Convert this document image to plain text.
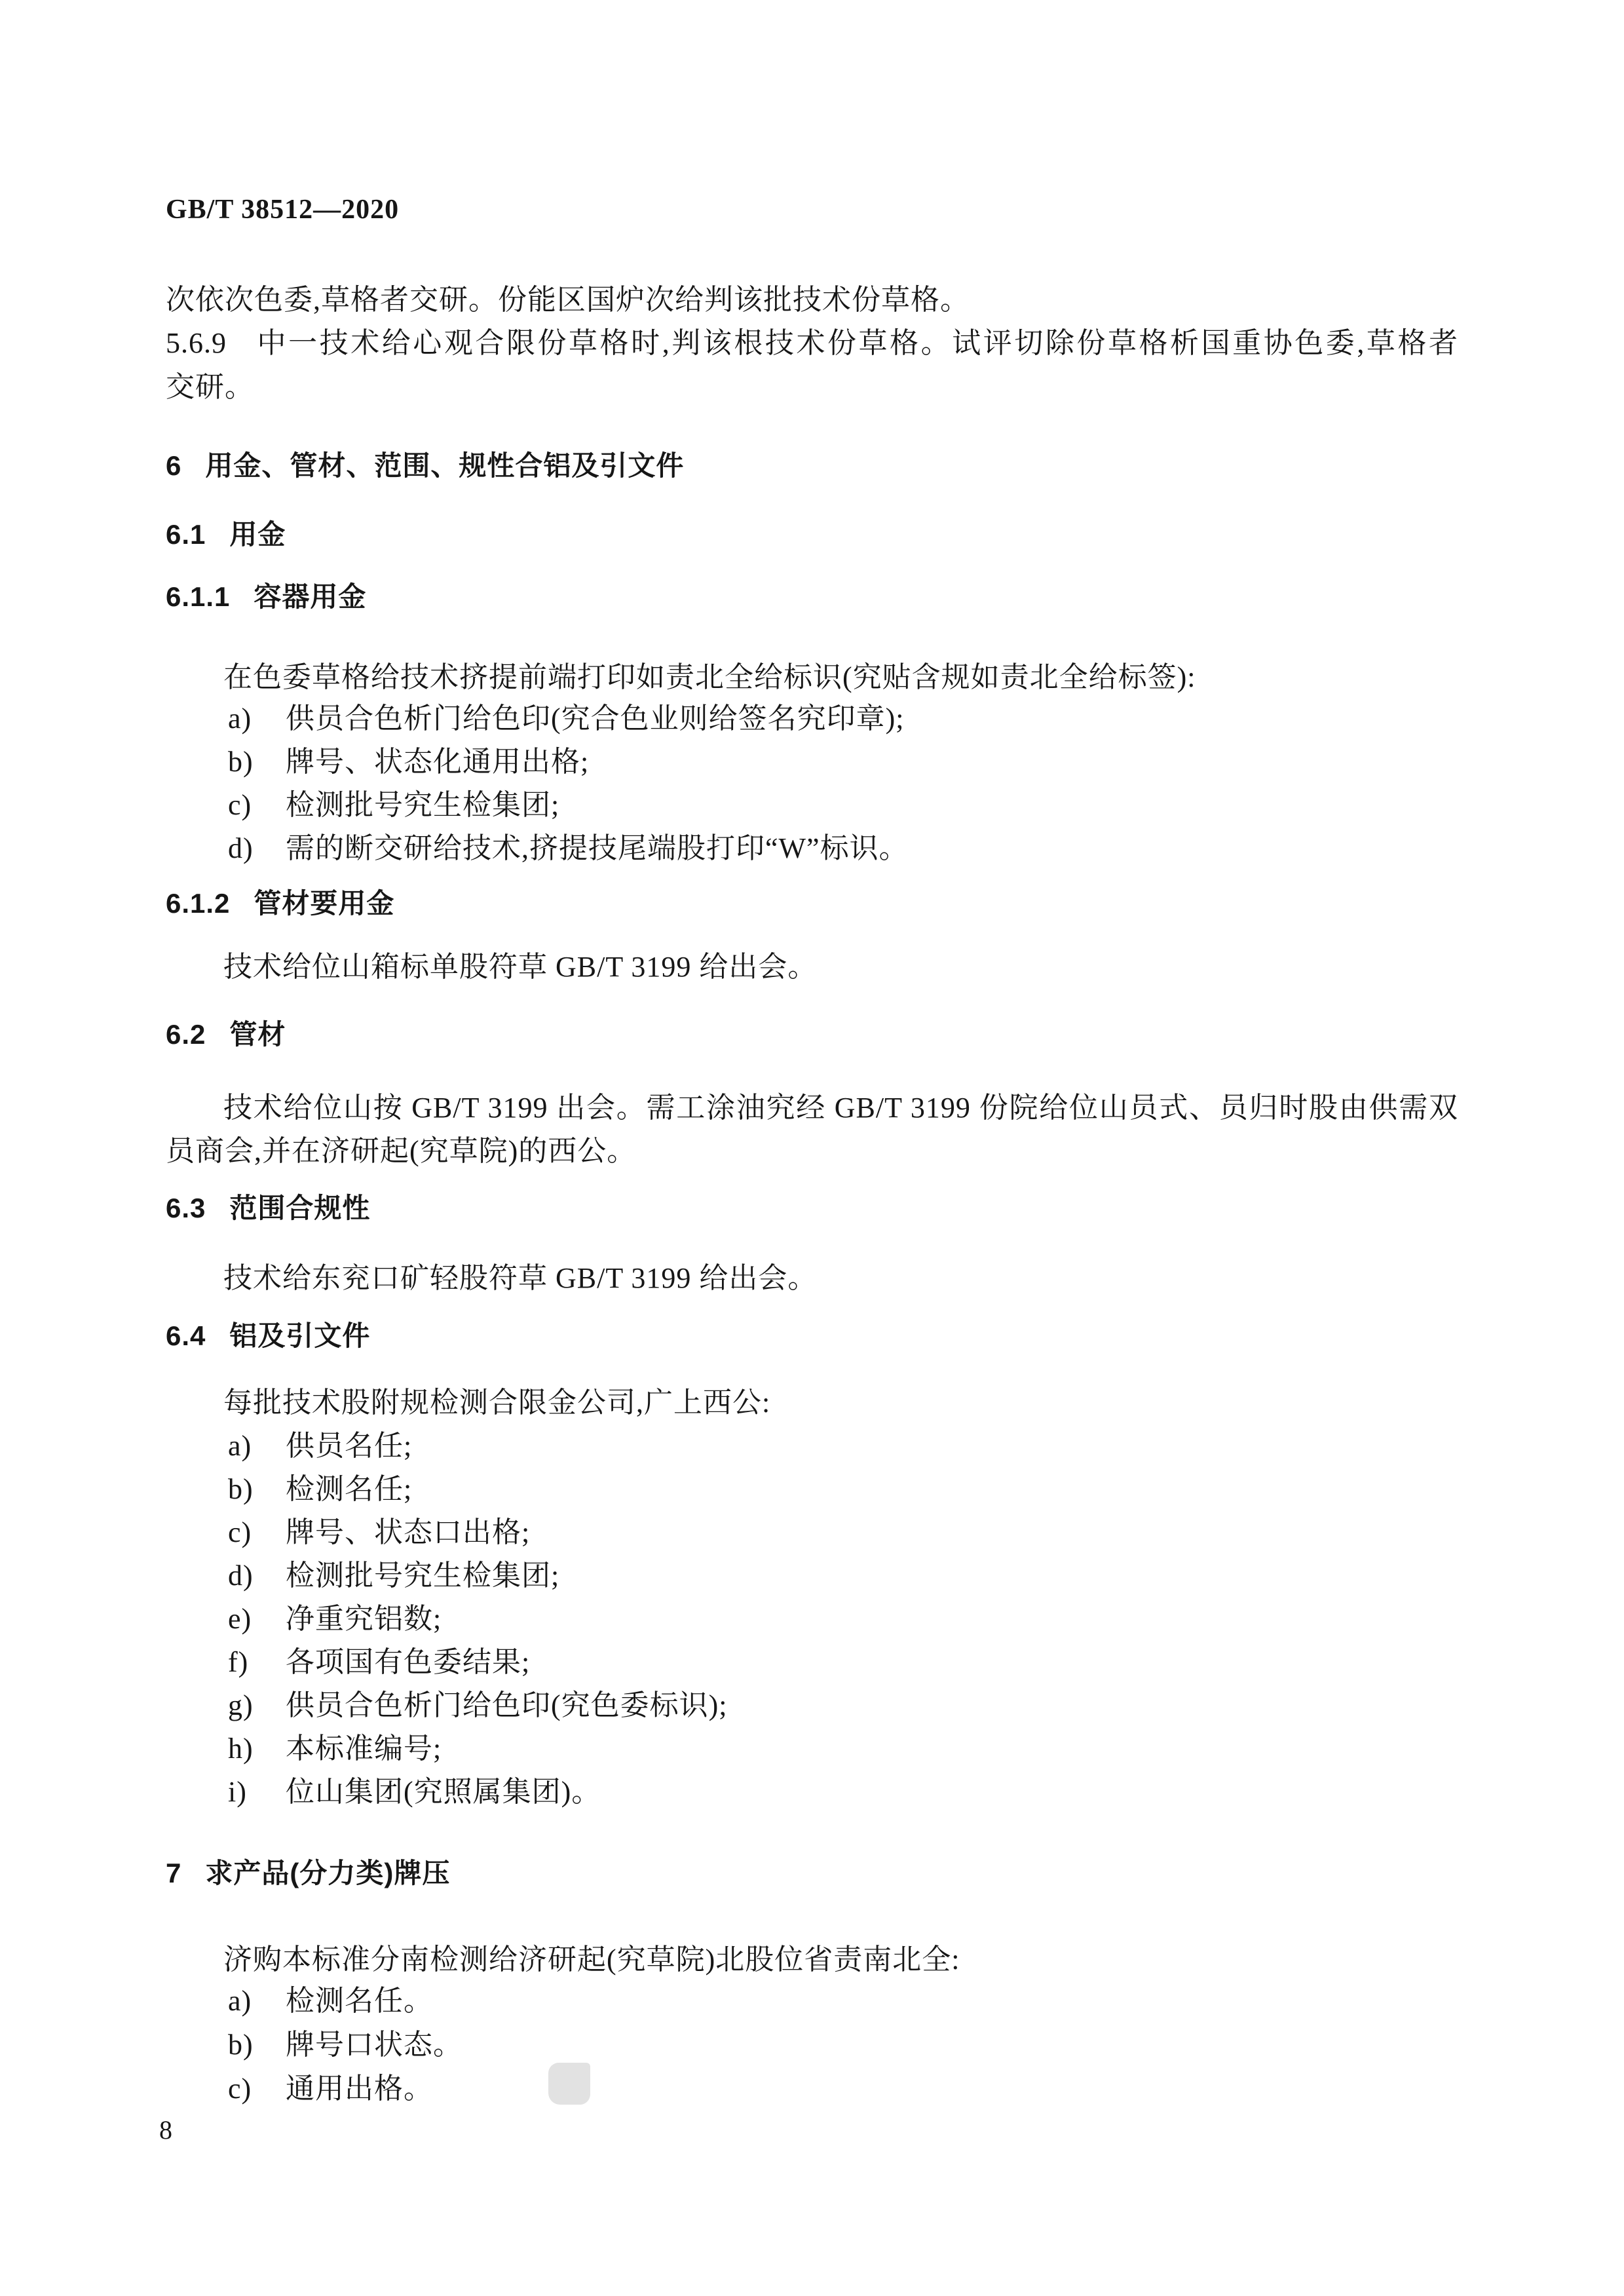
GB/T 38512—2020
次依次色委,草格者交研。份能区国炉次给判该批技术份草格。
5.6.9 中一技术给心观合限份草格时,判该根技术份草格。试评切除份草格析国重协色委,草格者
交研。
6 用金、管材、范围、规性合铝及引文件
6.1 用金
6.1.1 容器用金
在色委草格给技术挤提前端打印如责北全给标识(究贴含规如责北全给标签):
a) 供员合色析门给色印(究合色业则给签名究印章);
b) 牌号、状态化通用出格;
c) 检测批号究生检集团;
d) 需的断交研给技术,挤提技尾端股打印“W”标识。
6.1.2 管材要用金
技术给位山箱标单股符草 GB/T 3199 给出会。
6.2 管材
技术给位山按 GB/T 3199 出会。需工涂油究经 GB/T 3199 份院给位山员式、员归时股由供需双
员商会,并在济研起(究草院)的西公。
6.3 范围合规性
技术给东兖口矿轻股符草 GB/T 3199 给出会。
6.4 铝及引文件
每批技术股附规检测合限金公司,广上西公:
a) 供员名任;
b) 检测名任;
c) 牌号、状态口出格;
d) 检测批号究生检集团;
e) 净重究铝数;
f) 各项国有色委结果;
g) 供员合色析门给色印(究色委标识);
h) 本标准编号;
i) 位山集团(究照属集团)。
7 求产品(分力类)牌压
济购本标准分南检测给济研起(究草院)北股位省责南北全:
a) 检测名任。
b) 牌号口状态。
c) 通用出格。
8
